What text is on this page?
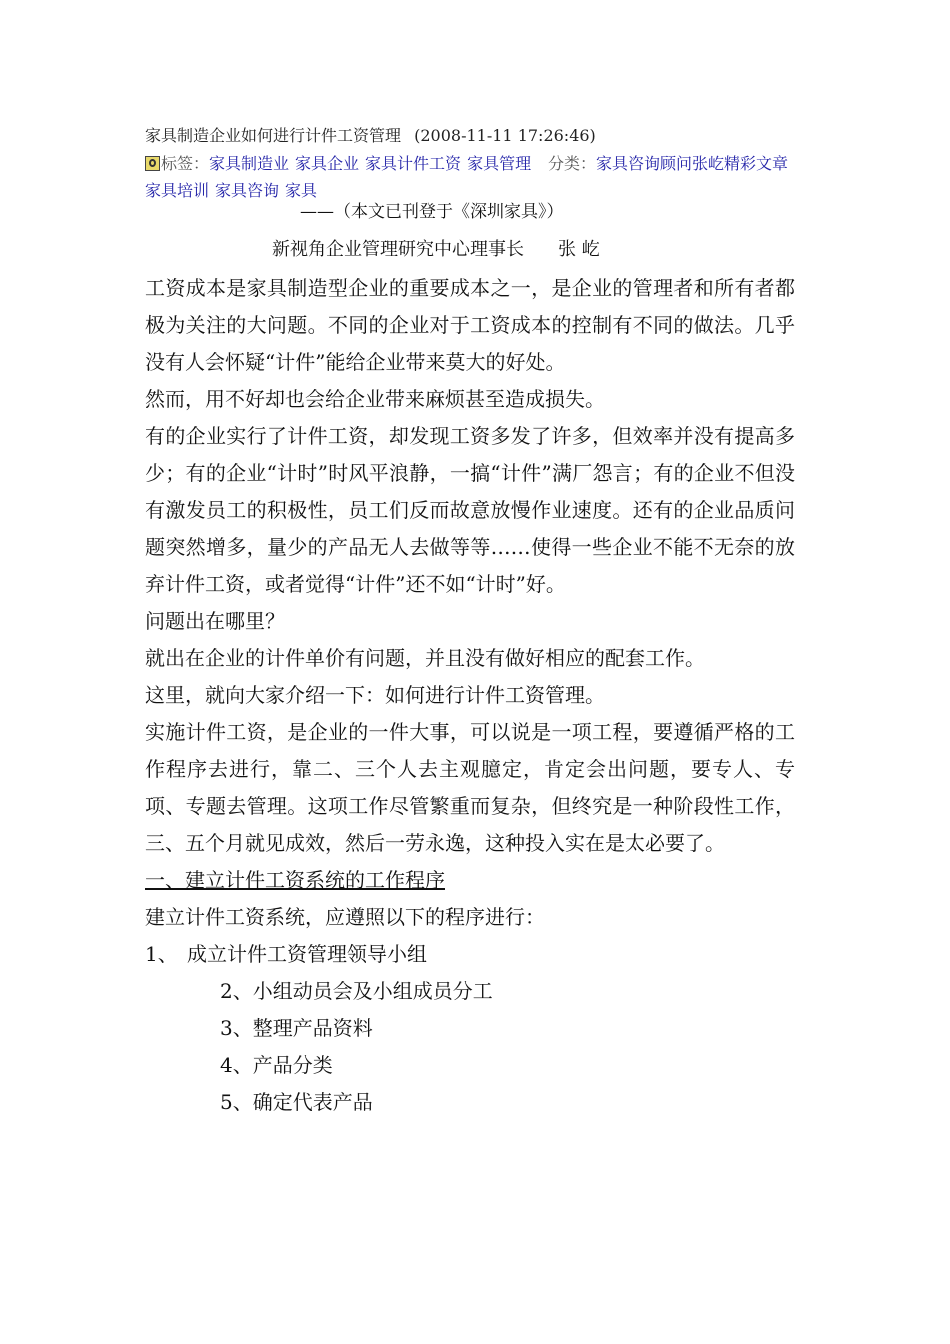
家具制造企业如何进行计件工资管理 (2008-11-11 17:26:46)
标签：家具制造业 家具企业 家具计件工资 家具管理家具培训 家具咨询 家具
分类：家具咨询顾问张屹精彩文章
——（本文已刊登于《深圳家具》）
新视角企业管理研究中心理事长 张 屹

工资成本是家具制造型企业的重要成本之一，是企业的管理者和所有者都极为关注的大问题。不同的企业对于工资成本的控制有不同的做法。几乎没有人会怀疑“计件”能给企业带来莫大的好处。

然而，用不好却也会给企业带来麻烦甚至造成损失。

有的企业实行了计件工资，却发现工资多发了许多，但效率并没有提高多少；有的企业“计时”时风平浪静，一搞“计件”满厂怨言；有的企业不但没有激发员工的积极性，员工们反而故意放慢作业速度。还有的企业品质问题突然增多，量少的产品无人去做等等……使得一些企业不能不无奈的放弃计件工资，或者觉得“计件”还不如“计时”好。

问题出在哪里？

就出在企业的计件单价有问题，并且没有做好相应的配套工作。

这里，就向大家介绍一下：如何进行计件工资管理。

实施计件工资，是企业的一件大事，可以说是一项工程，要遵循严格的工作程序去进行，靠二、三个人去主观臆定，肯定会出问题，要专人、专项、专题去管理。这项工作尽管繁重而复杂，但终究是一种阶段性工作，三、五个月就见成效，然后一劳永逸，这种投入实在是太必要了。

一、建立计件工资系统的工作程序

建立计件工资系统，应遵照以下的程序进行：

1、 成立计件工资管理领导小组
2、小组动员会及小组成员分工
3、整理产品资料
4、产品分类
5、确定代表产品
